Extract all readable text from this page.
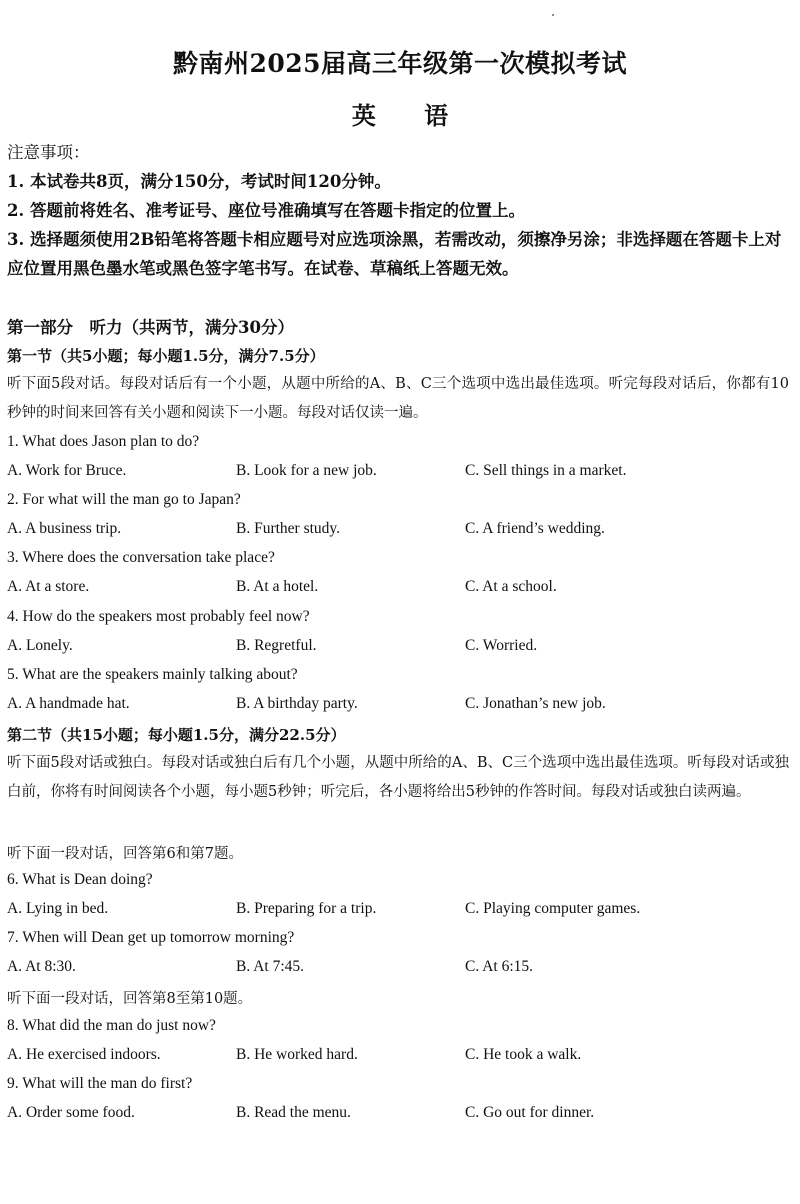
黔南州2025届高三年级第一次模拟考试
英 语
注意事项：
1. 本试卷共8页，满分150分，考试时间120分钟。
2. 答题前将姓名、准考证号、座位号准确填写在答题卡指定的位置上。
3. 选择题须使用2B铅笔将答题卡相应题号对应选项涂黑，若需改动，须擦净另涂；非选择题在答题卡上对应位置用黑色墨水笔或黑色签字笔书写。在试卷、草稿纸上答题无效。
第一部分　听力（共两节，满分30分）
第一节（共5小题；每小题1.5分，满分7.5分）
听下面5段对话。每段对话后有一个小题，从题中所给的A、B、C三个选项中选出最佳选项。听完每段对话后，你都有10秒钟的时间来回答有关小题和阅读下一小题。每段对话仅读一遍。
1. What does Jason plan to do?
A. Work for Bruce.	B. Look for a new job.	C. Sell things in a market.
2. For what will the man go to Japan?
A. A business trip.	B. Further study.	C. A friend’s wedding.
3. Where does the conversation take place?
A. At a store.	B. At a hotel.	C. At a school.
4. How do the speakers most probably feel now?
A. Lonely.	B. Regretful.	C. Worried.
5. What are the speakers mainly talking about?
A. A handmade hat.	B. A birthday party.	C. Jonathan’s new job.
第二节（共15小题；每小题1.5分，满分22.5分）
听下面5段对话或独白。每段对话或独白后有几个小题，从题中所给的A、B、C三个选项中选出最佳选项。听每段对话或独白前，你将有时间阅读各个小题，每小题5秒钟；听完后，各小题将给出5秒钟的作答时间。每段对话或独白读两遍。
听下面一段对话，回答第6和第7题。
6. What is Dean doing?
A. Lying in bed.	B. Preparing for a trip.	C. Playing computer games.
7. When will Dean get up tomorrow morning?
A. At 8:30.	B. At 7:45.	C. At 6:15.
听下面一段对话，回答第8至第10题。
8. What did the man do just now?
A. He exercised indoors.	B. He worked hard.	C. He took a walk.
9. What will the man do first?
A. Order some food.	B. Read the menu.	C. Go out for dinner.
